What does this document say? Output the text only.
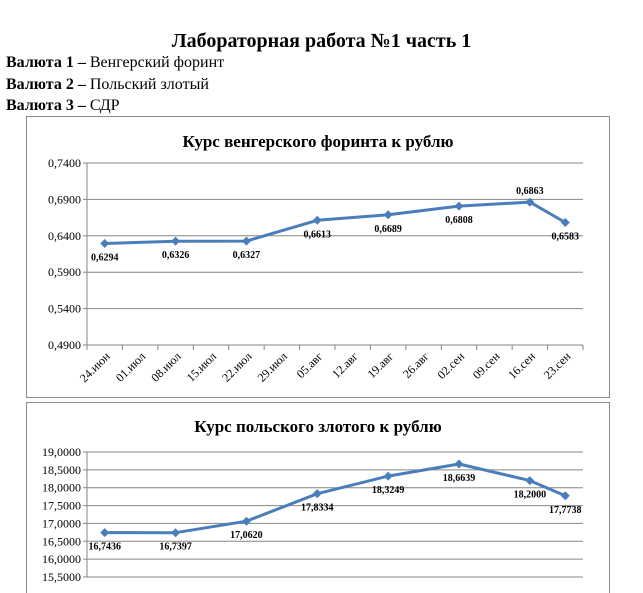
Лабораторная работа №1 часть 1
Валюта 1 – Венгерский форинт
Валюта 2 – Польский злотый
Валюта 3 – СДР
Курс венгерского форинта к рублю
0,4900
0,5400
0,5900
0,6400
0,6900
0,7400
24.июн 01.июл 08.июл 15.июл 22.июл 29.июл 05.авг 12.авг 19.авг 26.авг 02.сен 09.сен 16.сен 23.сен
0,6294	0,6326	0,6327
0,6613
0,6689
0,6808
0,6863
0,6583
Курс польского злотого к рублю
15,5000
16,0000
16,5000
17,0000
17,5000
18,0000
18,5000
19,0000
16,7436	16,7397
17,0620
17,8334
18,3249
18,6639
18,2000
17,7738
